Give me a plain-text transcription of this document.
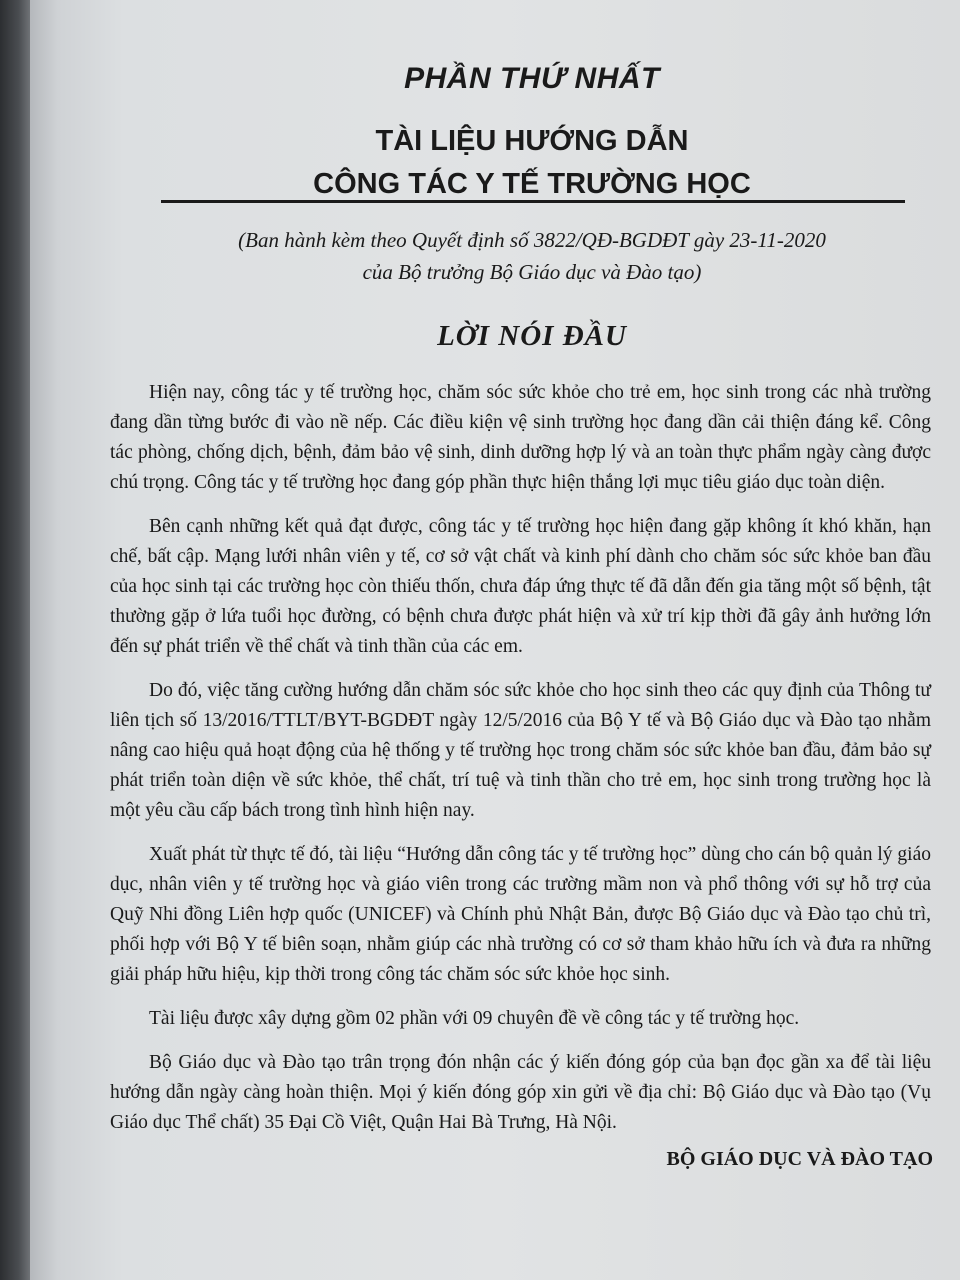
PHẦN THỨ NHẤT
TÀI LIỆU HƯỚNG DẪN
CÔNG TÁC Y TẾ TRƯỜNG HỌC

(Ban hành kèm theo Quyết định số 3822/QĐ-BGDĐT gày 23-11-2020
của Bộ trưởng Bộ Giáo dục và Đào tạo)

LỜI NÓI ĐẦU

Hiện nay, công tác y tế trường học, chăm sóc sức khỏe cho trẻ em, học sinh trong các nhà trường đang dần từng bước đi vào nề nếp. Các điều kiện vệ sinh trường học đang dần cải thiện đáng kể. Công tác phòng, chống dịch, bệnh, đảm bảo vệ sinh, dinh dưỡng hợp lý và an toàn thực phẩm ngày càng được chú trọng. Công tác y tế trường học đang góp phần thực hiện thắng lợi mục tiêu giáo dục toàn diện.

Bên cạnh những kết quả đạt được, công tác y tế trường học hiện đang gặp không ít khó khăn, hạn chế, bất cập. Mạng lưới nhân viên y tế, cơ sở vật chất và kinh phí dành cho chăm sóc sức khỏe ban đầu của học sinh tại các trường học còn thiếu thốn, chưa đáp ứng thực tế đã dẫn đến gia tăng một số bệnh, tật thường gặp ở lứa tuổi học đường, có bệnh chưa được phát hiện và xử trí kịp thời đã gây ảnh hưởng lớn đến sự phát triển về thể chất và tinh thần của các em.

Do đó, việc tăng cường hướng dẫn chăm sóc sức khỏe cho học sinh theo các quy định của Thông tư liên tịch số 13/2016/TTLT/BYT-BGDĐT ngày 12/5/2016 của Bộ Y tế và Bộ Giáo dục và Đào tạo nhằm nâng cao hiệu quả hoạt động của hệ thống y tế trường học trong chăm sóc sức khỏe ban đầu, đảm bảo sự phát triển toàn diện về sức khỏe, thể chất, trí tuệ và tinh thần cho trẻ em, học sinh trong trường học là một yêu cầu cấp bách trong tình hình hiện nay.

Xuất phát từ thực tế đó, tài liệu “Hướng dẫn công tác y tế trường học” dùng cho cán bộ quản lý giáo dục, nhân viên y tế trường học và giáo viên trong các trường mầm non và phổ thông với sự hỗ trợ của Quỹ Nhi đồng Liên hợp quốc (UNICEF) và Chính phủ Nhật Bản, được Bộ Giáo dục và Đào tạo chủ trì, phối hợp với Bộ Y tế biên soạn, nhằm giúp các nhà trường có cơ sở tham khảo hữu ích và đưa ra những giải pháp hữu hiệu, kịp thời trong công tác chăm sóc sức khỏe học sinh.

Tài liệu được xây dựng gồm 02 phần với 09 chuyên đề về công tác y tế trường học.

Bộ Giáo dục và Đào tạo trân trọng đón nhận các ý kiến đóng góp của bạn đọc gần xa để tài liệu hướng dẫn ngày càng hoàn thiện. Mọi ý kiến đóng góp xin gửi về địa chỉ: Bộ Giáo dục và Đào tạo (Vụ Giáo dục Thể chất) 35 Đại Cồ Việt, Quận Hai Bà Trưng, Hà Nội.

BỘ GIÁO DỤC VÀ ĐÀO TẠO
